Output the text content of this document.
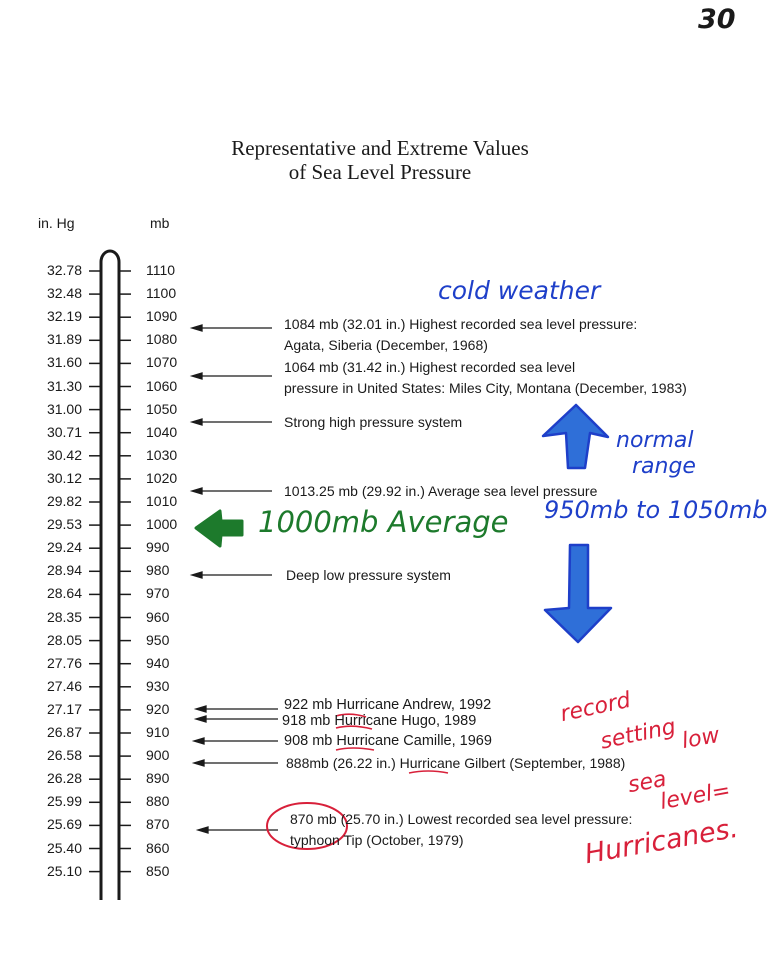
30
Representative and Extreme Values
of Sea Level Pressure
in. Hg	mb
32.78	1110
32.48	1100
32.19	1090
31.89	1080
31.60	1070
31.30	1060
31.00	1050
30.71	1040
30.42	1030
30.12	1020
29.82	1010
29.53	1000
29.24	990
28.94	980
28.64	970
28.35	960
28.05	950
27.76	940
27.46	930
27.17	920
26.87	910
26.58	900
26.28	890
25.99	880
25.69	870
25.40	860
25.10	850
1084 mb (32.01 in.) Highest recorded sea level pressure:
Agata, Siberia (December, 1968)
1064 mb (31.42 in.) Highest recorded sea level
pressure in United States: Miles City, Montana (December, 1983)
Strong high pressure system
1013.25 mb (29.92 in.) Average sea level pressure
Deep low pressure system
922 mb Hurricane Andrew, 1992
918 mb Hurricane Hugo, 1989
908 mb Hurricane Camille, 1969
888mb (26.22 in.) Hurricane Gilbert (September, 1988)
870 mb (25.70 in.) Lowest recorded sea level pressure:
typhoon Tip (October, 1979)
cold weather
normal
range
950mb to 1050mb
1000mb Average
record
setting low
sea
level=
Hurricanes.
